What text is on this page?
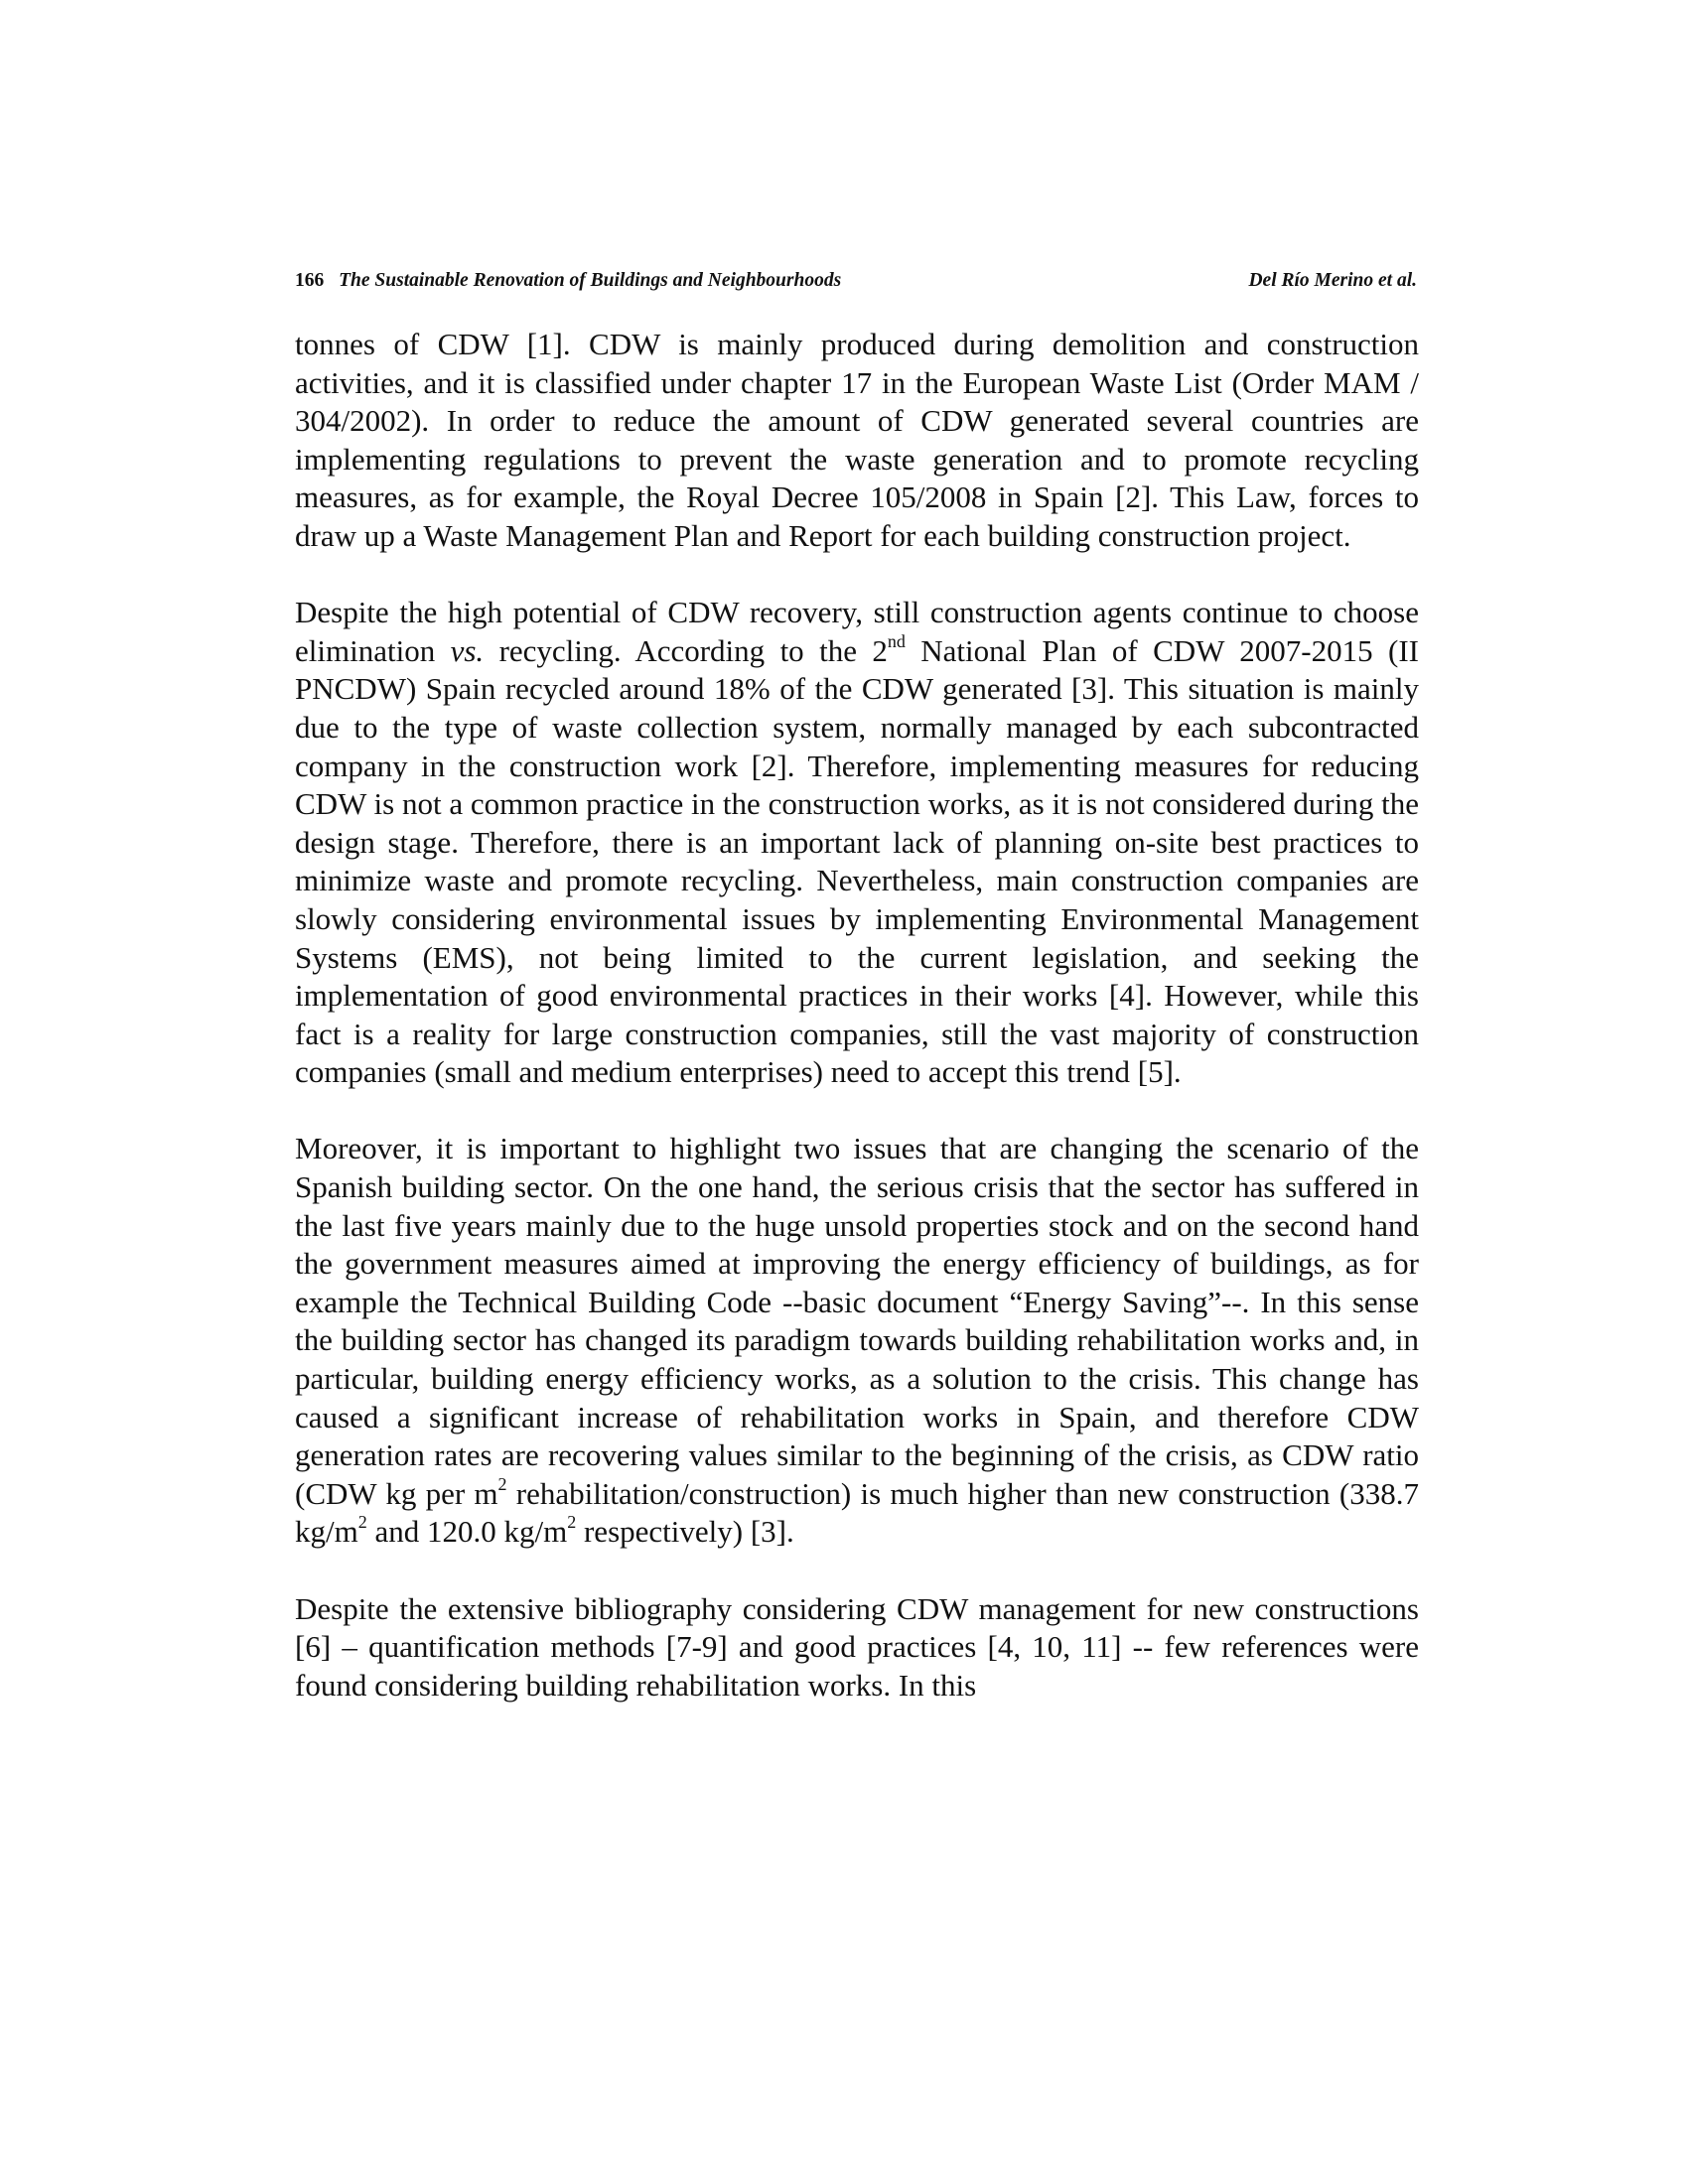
166 The Sustainable Renovation of Buildings and Neighbourhoods	Del Río Merino et al.

tonnes of CDW [1]. CDW is mainly produced during demolition and construction activities, and it is classified under chapter 17 in the European Waste List (Order MAM / 304/2002). In order to reduce the amount of CDW generated several countries are implementing regulations to prevent the waste generation and to promote recycling measures, as for example, the Royal Decree 105/2008 in Spain [2]. This Law, forces to draw up a Waste Management Plan and Report for each building construction project.

Despite the high potential of CDW recovery, still construction agents continue to choose elimination vs. recycling. According to the 2nd National Plan of CDW 2007-2015 (II PNCDW) Spain recycled around 18% of the CDW generated [3]. This situation is mainly due to the type of waste collection system, normally managed by each subcontracted company in the construction work [2]. Therefore, implementing measures for reducing CDW is not a common practice in the construction works, as it is not considered during the design stage. Therefore, there is an important lack of planning on-site best practices to minimize waste and promote recycling. Nevertheless, main construction companies are slowly considering environmental issues by implementing Environmental Management Systems (EMS), not being limited to the current legislation, and seeking the implementation of good environmental practices in their works [4]. However, while this fact is a reality for large construction companies, still the vast majority of construction companies (small and medium enterprises) need to accept this trend [5].

Moreover, it is important to highlight two issues that are changing the scenario of the Spanish building sector. On the one hand, the serious crisis that the sector has suffered in the last five years mainly due to the huge unsold properties stock and on the second hand the government measures aimed at improving the energy efficiency of buildings, as for example the Technical Building Code --basic document “Energy Saving”--. In this sense the building sector has changed its paradigm towards building rehabilitation works and, in particular, building energy efficiency works, as a solution to the crisis. This change has caused a significant increase of rehabilitation works in Spain, and therefore CDW generation rates are recovering values similar to the beginning of the crisis, as CDW ratio (CDW kg per $m^2$ rehabilitation/construction) is much higher than new construction (338.7 $kg/m^2$ and 120.0 $kg/m^2$ respectively) [3].

Despite the extensive bibliography considering CDW management for new constructions [6] – quantification methods [7-9] and good practices [4, 10, 11] -- few references were found considering building rehabilitation works. In this
